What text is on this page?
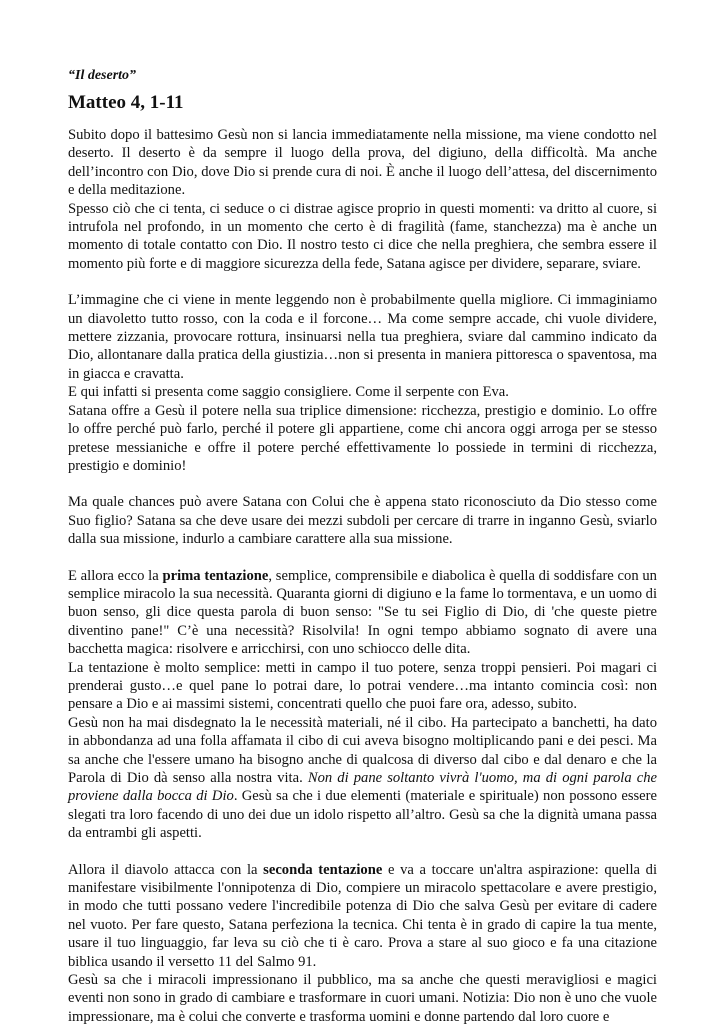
“Il deserto”
Matteo 4, 1-11

Subito dopo il battesimo Gesù non si lancia immediatamente nella missione, ma viene condotto nel deserto. Il deserto è da sempre il luogo della prova, del digiuno, della difficoltà. Ma anche dell’incontro con Dio, dove Dio si prende cura di noi. È anche il luogo dell’attesa, del discernimento e della meditazione.

Spesso ciò che ci tenta, ci seduce o ci distrae agisce proprio in questi momenti: va dritto al cuore, si intrufola nel profondo, in un momento che certo è di fragilità (fame, stanchezza) ma è anche un momento di totale contatto con Dio. Il nostro testo ci dice che nella preghiera, che sembra essere il momento più forte e di maggiore sicurezza della fede, Satana agisce per dividere, separare, sviare.

L’immagine che ci viene in mente leggendo non è probabilmente quella migliore. Ci immaginiamo un diavoletto tutto rosso, con la coda e il forcone… Ma come sempre accade, chi vuole dividere, mettere zizzania, provocare rottura, insinuarsi nella tua preghiera, sviare dal cammino indicato da Dio, allontanare dalla pratica della giustizia…non si presenta in maniera pittoresca o spaventosa, ma in giacca e cravatta.

E qui infatti si presenta come saggio consigliere. Come il serpente con Eva.

Satana offre a Gesù il potere nella sua triplice dimensione: ricchezza, prestigio e dominio. Lo offre lo offre perché può farlo, perché il potere gli appartiene, come chi ancora oggi arroga per se stesso pretese messianiche e offre il potere perché effettivamente lo possiede in termini di ricchezza, prestigio e dominio!

Ma quale chances può avere Satana con Colui che è appena stato riconosciuto da Dio stesso come Suo figlio? Satana sa che deve usare dei mezzi subdoli per cercare di trarre in inganno Gesù, sviarlo dalla sua missione, indurlo a cambiare carattere alla sua missione.

E allora ecco la prima tentazione, semplice, comprensibile e diabolica è quella di soddisfare con un semplice miracolo la sua necessità. Quaranta giorni di digiuno e la fame lo tormentava, e un uomo di buon senso, gli dice questa parola di buon senso: "Se tu sei Figlio di Dio, di 'che queste pietre diventino pane!" C’è una necessità? Risolvila! In ogni tempo abbiamo sognato di avere una bacchetta magica: risolvere e arricchirsi, con uno schiocco delle dita.

La tentazione è molto semplice: metti in campo il tuo potere, senza troppi pensieri. Poi magari ci prenderai gusto…e quel pane lo potrai dare, lo potrai vendere…ma intanto comincia così: non pensare a Dio e ai massimi sistemi, concentrati quello che puoi fare ora, adesso, subito.

Gesù non ha mai disdegnato la le necessità materiali, né il cibo. Ha partecipato a banchetti, ha dato in abbondanza ad una folla affamata il cibo di cui aveva bisogno moltiplicando pani e dei pesci. Ma sa anche che l'essere umano ha bisogno anche di qualcosa di diverso dal cibo e dal denaro e che la Parola di Dio dà senso alla nostra vita. Non di pane soltanto vivrà l'uomo, ma di ogni parola che proviene dalla bocca di Dio. Gesù sa che i due elementi (materiale e spirituale) non possono essere slegati tra loro facendo di uno dei due un idolo rispetto all’altro. Gesù sa che la dignità umana passa da entrambi gli aspetti.

Allora il diavolo attacca con la seconda tentazione e va a toccare un'altra aspirazione: quella di manifestare visibilmente l'onnipotenza di Dio, compiere un miracolo spettacolare e avere prestigio, in modo che tutti possano vedere l'incredibile potenza di Dio che salva Gesù per evitare di cadere nel vuoto. Per fare questo, Satana perfeziona la tecnica. Chi tenta è in grado di capire la tua mente, usare il tuo linguaggio, far leva su ciò che ti è caro. Prova a stare al suo gioco e fa una citazione biblica usando il versetto 11 del Salmo 91.

Gesù sa che i miracoli impressionano il pubblico, ma sa anche che questi meravigliosi e magici eventi non sono in grado di cambiare e trasformare in cuori umani. Notizia: Dio non è uno che vuole impressionare, ma è colui che converte e trasforma uomini e donne partendo dal loro cuore e
